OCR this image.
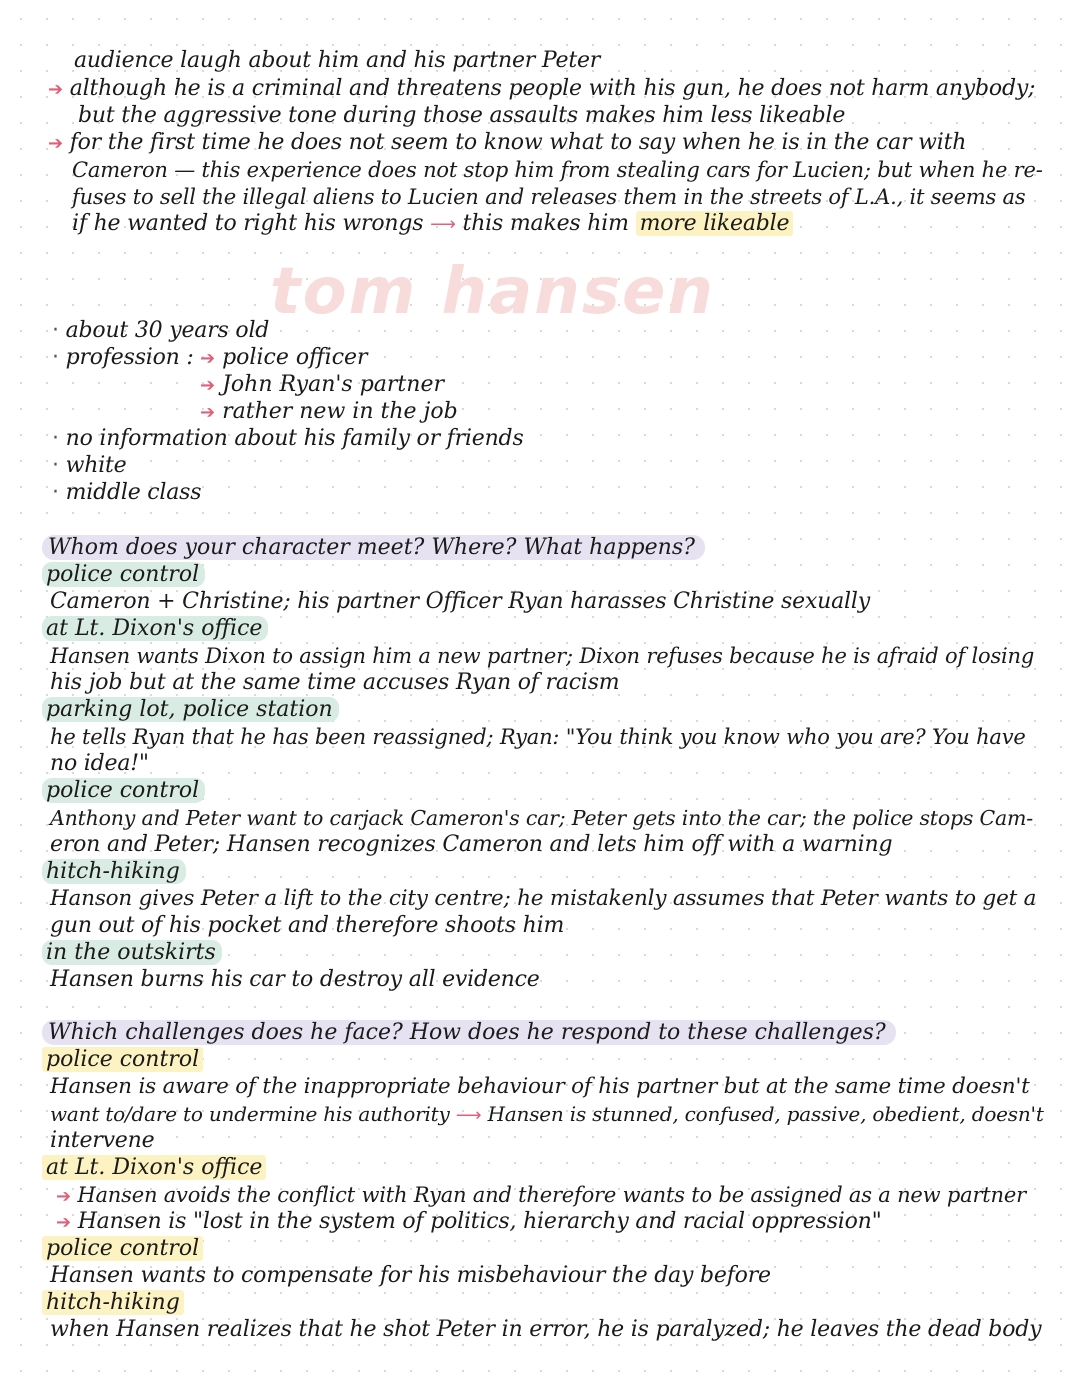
audience laugh about him and his partner Peter
➔ although he is a criminal and threatens people with his gun, he does not harm anybody;
but the aggressive tone during those assaults makes him less likeable
➔ for the first time he does not seem to know what to say when he is in the car with
Cameron — this experience does not stop him from stealing cars for Lucien; but when he re-
fuses to sell the illegal aliens to Lucien and releases them in the streets of L.A., it seems as
if he wanted to right his wrongs ⟶ this makes him more likeable
tom hansen
· about 30 years old
· profession : ➔ police officer
➔ John Ryan's partner
➔ rather new in the job
· no information about his family or friends
· white
· middle class
Whom does your character meet? Where? What happens?
police control
Cameron + Christine; his partner Officer Ryan harasses Christine sexually
at Lt. Dixon's office
Hansen wants Dixon to assign him a new partner; Dixon refuses because he is afraid of losing
his job but at the same time accuses Ryan of racism
parking lot, police station
he tells Ryan that he has been reassigned; Ryan: "You think you know who you are? You have
no idea!"
police control
Anthony and Peter want to carjack Cameron's car; Peter gets into the car; the police stops Cam-
eron and Peter; Hansen recognizes Cameron and lets him off with a warning
hitch-hiking
Hanson gives Peter a lift to the city centre; he mistakenly assumes that Peter wants to get a
gun out of his pocket and therefore shoots him
in the outskirts
Hansen burns his car to destroy all evidence
Which challenges does he face? How does he respond to these challenges?
police control
Hansen is aware of the inappropriate behaviour of his partner but at the same time doesn't
want to/dare to undermine his authority ⟶ Hansen is stunned, confused, passive, obedient, doesn't
intervene
at Lt. Dixon's office
➔ Hansen avoids the conflict with Ryan and therefore wants to be assigned as a new partner
➔ Hansen is "lost in the system of politics, hierarchy and racial oppression"
police control
Hansen wants to compensate for his misbehaviour the day before
hitch-hiking
when Hansen realizes that he shot Peter in error, he is paralyzed; he leaves the dead body
